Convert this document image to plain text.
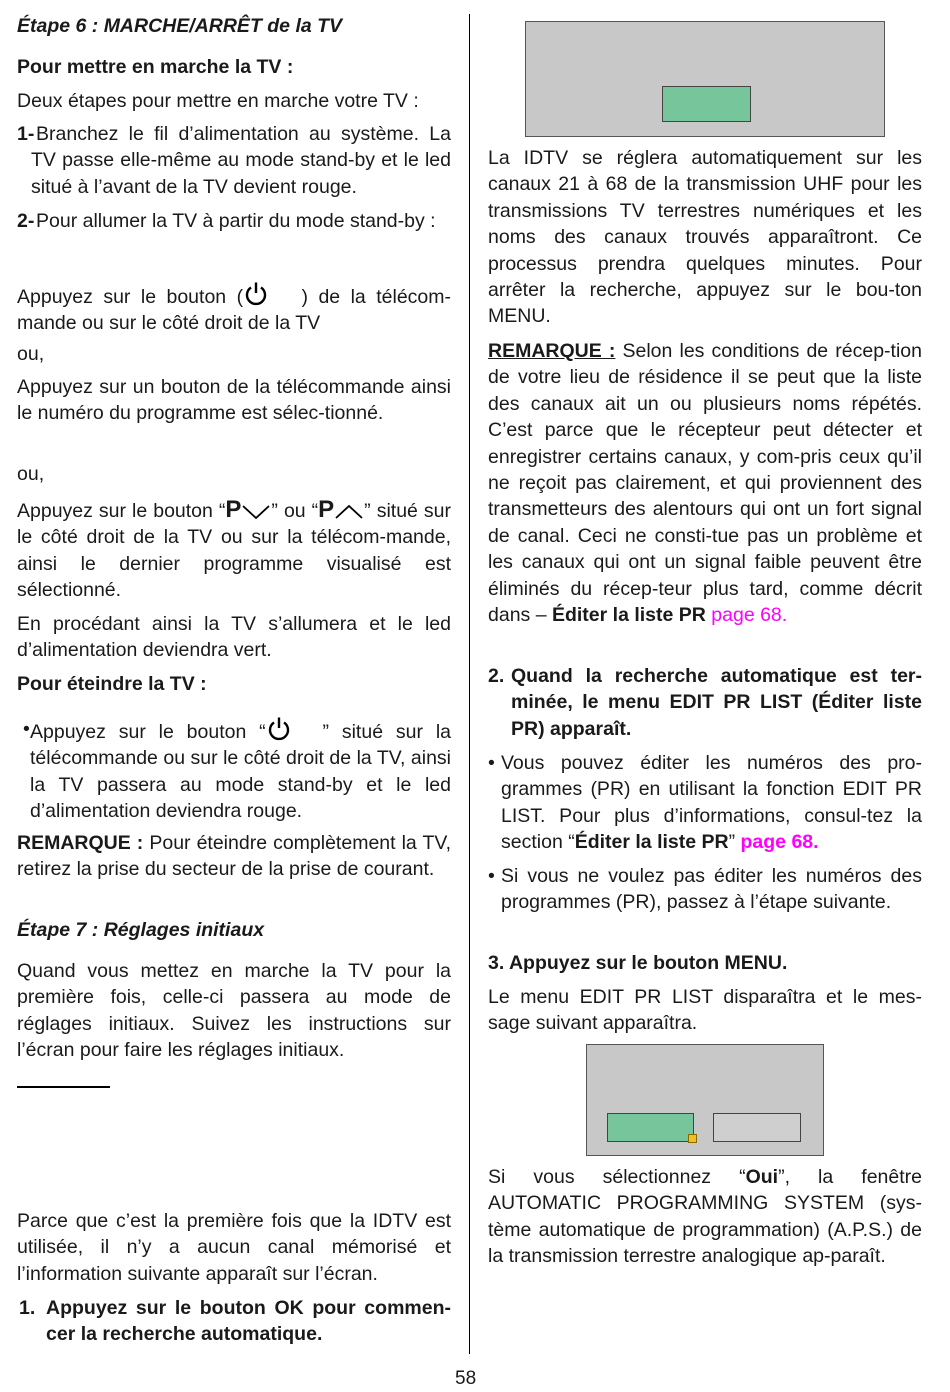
Étape 6 : MARCHE/ARRÊT de la TV
Pour mettre en marche la TV :

Deux étapes pour mettre en marche votre TV :

1- Branchez le fil d’alimentation au système. La TV passe elle-même au mode stand-by et le led situé à l’avant de la TV devient rouge.

2- Pour allumer la TV à partir du mode stand-by :

Appuyez sur le bouton ( ) de la télécom-mande ou sur le côté droit de la TV

ou,

Appuyez sur un bouton de la télécommande ainsi le numéro du programme est sélec-tionné.

ou,

Appuyez sur le bouton “P ” ou “P ” situé sur le côté droit de la TV ou sur la télécom-mande, ainsi le dernier programme visualisé est sélectionné.

En procédant ainsi la TV s’allumera et le led d’alimentation deviendra vert.

Pour éteindre la TV :
• Appuyez sur le bouton “ ” situé sur la télécommande ou sur le côté droit de la TV, ainsi la TV passera au mode stand-by et le led d’alimentation deviendra rouge.

REMARQUE : Pour éteindre complètement la TV, retirez la prise du secteur de la prise de courant.

Étape 7 : Réglages initiaux

Quand vous mettez en marche la TV pour la première fois, celle-ci passera au mode de réglages initiaux. Suivez les instructions sur l’écran pour faire les réglages initiaux.

Parce que c’est la première fois que la IDTV est utilisée, il n’y a aucun canal mémorisé et l’information suivante apparaît sur l’écran.

1. Appuyez sur le bouton OK pour commen-cer la recherche automatique.

La IDTV se réglera automatiquement sur les canaux 21 à 68 de la transmission UHF pour les transmissions TV terrestres numériques et les noms des canaux trouvés apparaîtront. Ce processus prendra quelques minutes. Pour arrêter la recherche, appuyez sur le bou-ton MENU.

REMARQUE : Selon les conditions de récep-tion de votre lieu de résidence il se peut que la liste des canaux ait un ou plusieurs noms répétés. C’est parce que le récepteur peut détecter et enregistrer certains canaux, y com-pris ceux qu’il ne reçoit pas clairement, et qui proviennent des transmetteurs des alentours qui ont un fort signal de canal. Ceci ne consti-tue pas un problème et les canaux qui ont un signal faible peuvent être éliminés du récep-teur plus tard, comme décrit dans – Éditer la liste PR page 68.

2. Quand la recherche automatique est ter-minée, le menu EDIT PR LIST (Éditer liste PR) apparaît.

• Vous pouvez éditer les numéros des pro-grammes (PR) en utilisant la fonction EDIT PR LIST. Pour plus d’informations, consul-tez la section “Éditer la liste PR” page 68.

• Si vous ne voulez pas éditer les numéros des programmes (PR), passez à l’étape suivante.

3. Appuyez sur le bouton MENU.

Le menu EDIT PR LIST disparaîtra et le mes-sage suivant apparaîtra.

Si vous sélectionnez “Oui”, la fenêtre AUTOMATIC PROGRAMMING SYSTEM (sys-tème automatique de programmation) (A.P.S.) de la transmission terrestre analogique ap-paraît.

58
